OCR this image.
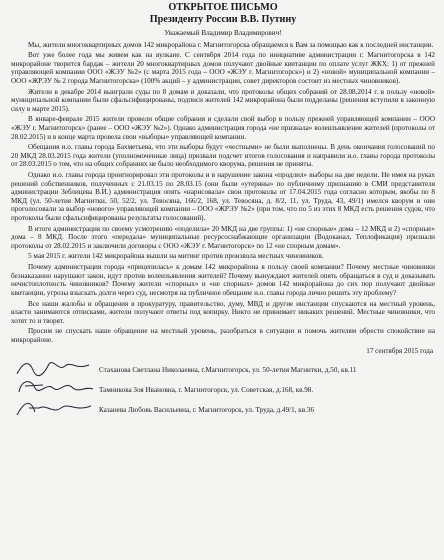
ОТКРЫТОЕ ПИСЬМО
Президенту России В.В. Путину
Уважаемый Владимир Владимирович!

Мы, жители многоквартирных домов 142 микрорайона г. Магнитогорска обращаемся к Вам за помощью как к последней инстанции.

Вот уже более года мы живем как на вулкане. С сентября 2014 года по инициативе администрации г. Магнитогорска в 142 микрорайоне творится бардак – жители 20 многоквартирных домов получают двойные квитанции по оплате услуг ЖКХ: 1) от прежней управляющей компании ООО «ЖЭУ №2» (с марта 2015 года – ООО «ЖЭУ г. Магнитогорск») и 2) «новой» муниципальной компании – ООО «ЖРЭУ № 2 города Магнитогорска» (100% акций – у администрации, совет директоров состоит из местных чиновников).

Жители в декабре 2014 выиграли суды по 8 домам и доказали, что протоколы общих собраний от 28.08.2014 г. в пользу «новой» муниципальной компании были сфальсифицированы, подписи жителей 142 микрорайона были подделаны (решения вступили в законную силу в марте 2015).

В январе-феврале 2015 жители провели общие собрания и сделали свой выбор в пользу прежней управляющей компании – ООО «ЖЭУ г. Магнитогорск» (ранее – ООО «ЖЭУ №2»). Однако администрация города «не признала» волеизъявление жителей (протоколы от 28.02.2015) и в конце марта провела свои «выборы» управляющей компании.

Обещания и.о. главы города Бахметьева, что эти выборы будут «честными» не были выполнены. В день окончания голосований по 20 МКД 28.03.2015 года жители (уполномоченные лица) призвали подсчет итогов голосования и направили и.о. главы города протоколы от 28.03.2015 о том, что на общих собраниях не было необходимого кворума, решения не приняты.

Однако и.о. главы города проигнорировал эти протоколы и в нарушение закона «продлил» выборы на две недели. Не имея на руках решений собственников, полученных с 21.03.15 по 28.03.15 (они были «утеряны» по публичному признанию в СМИ представителя администрации Зеблицева В.И.) администрация опять «нарисовала» свои протоколы от 17.04.2015 года согласно которым, якобы по 8 МКД (ул. 50-летия Магнитки, 50, 52/2, ул. Тевосяна, 166/2, 168, ул. Тевосяна, д. 8/2, 11, ул. Труда, 43, 49/1) имелся кворум и они проголосовали за выбор «нового» управляющей компании – ООО «ЖРЭУ №2» (при том, что по 5 из этих 8 МКД есть решения судов, что протоколы были сфальсифицированы результаты голосований).

В итоге администрация по своему усмотрению «поделила» 20 МКД на две группы: 1) «не спорные» дома – 12 МКД и 2) «спорные» дома – 8 МКД. После этого «передала» муниципальные ресурсоснабжающие организации (Водоканал, Теплофикация) признали протоколы от 28.02.2015 и заключили договоры с ООО «ЖЭУ г. Магнитогорск» по 12 «не спорным домам».

5 мая 2015 г. жители 142 микрорайона вышли на митинг против произвола местных чиновников.

Почему администрация города «прицепилась» к домам 142 микрорайона в пользу своей компании? Почему местные чиновники безнаказанно нарушают закон, идут против волеизъявления жителей? Почему вынуждают жителей опять обращаться в суд и доказывать нечистоплотность чиновников? Почему жители «спорных» и «не спорных» домов 142 микрорайона до сих пор получают двойные квитанции, угрозы взыскать долги через суд, несмотря на публичное обещание и.о. главы города лично решить эту проблему?

Все наши жалобы и обращения в прокуратуру, правительство, думу, МВД и другие инстанции спускаются на местный уровень, власти занимаются отписками, жители получают ответы под копирку. Никто не принимает никаких решений. Местные чиновники, что хотят то и творят.

Просим не спускать наше обращение на местный уровень, разобраться в ситуации и помочь жителям обрести спокойствие на микрорайоне.

17 сентября 2015 года
Стаханова Светлана Николаевна, г.Магнитогорск, ул. 50-летия Магнитки, д.50, кв.11
Тамникова Зоя Ивановна, г. Магнитогорск, ул. Советская, д.168, кв.98.
Казанева Любовь Васильевна, г. Магнитогорск, ул. Труда, д.49/1, кв.36
